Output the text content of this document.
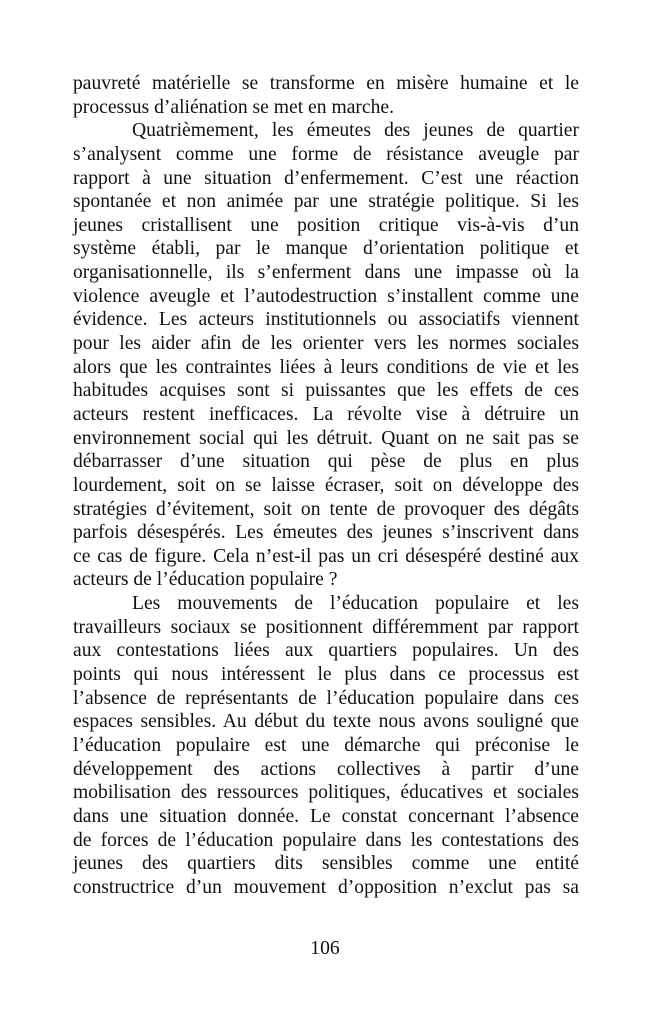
pauvreté matérielle se transforme en misère humaine et le
processus d’aliénation se met en marche.
Quatrièmement, les émeutes des jeunes de quartier
s’analysent comme une forme de résistance aveugle par
rapport à une situation d’enfermement. C’est une réaction
spontanée et non animée par une stratégie politique. Si les
jeunes cristallisent une position critique vis-à-vis d’un
système établi, par le manque d’orientation politique et
organisationnelle, ils s’enferment dans une impasse où la
violence aveugle et l’autodestruction s’installent comme une
évidence. Les acteurs institutionnels ou associatifs viennent
pour les aider afin de les orienter vers les normes sociales
alors que les contraintes liées à leurs conditions de vie et les
habitudes acquises sont si puissantes que les effets de ces
acteurs restent inefficaces. La révolte vise à détruire un
environnement social qui les détruit. Quant on ne sait pas se
débarrasser d’une situation qui pèse de plus en plus
lourdement, soit on se laisse écraser, soit on développe des
stratégies d’évitement, soit on tente de provoquer des dégâts
parfois désespérés. Les émeutes des jeunes s’inscrivent dans
ce cas de figure. Cela n’est-il pas un cri désespéré destiné aux
acteurs de l’éducation populaire ?
Les mouvements de l’éducation populaire et les
travailleurs sociaux se positionnent différemment par rapport
aux contestations liées aux quartiers populaires. Un des
points qui nous intéressent le plus dans ce processus est
l’absence de représentants de l’éducation populaire dans ces
espaces sensibles. Au début du texte nous avons souligné que
l’éducation populaire est une démarche qui préconise le
développement des actions collectives à partir d’une
mobilisation des ressources politiques, éducatives et sociales
dans une situation donnée. Le constat concernant l’absence
de forces de l’éducation populaire dans les contestations des
jeunes des quartiers dits sensibles comme une entité
constructrice d’un mouvement d’opposition n’exclut pas sa
106
